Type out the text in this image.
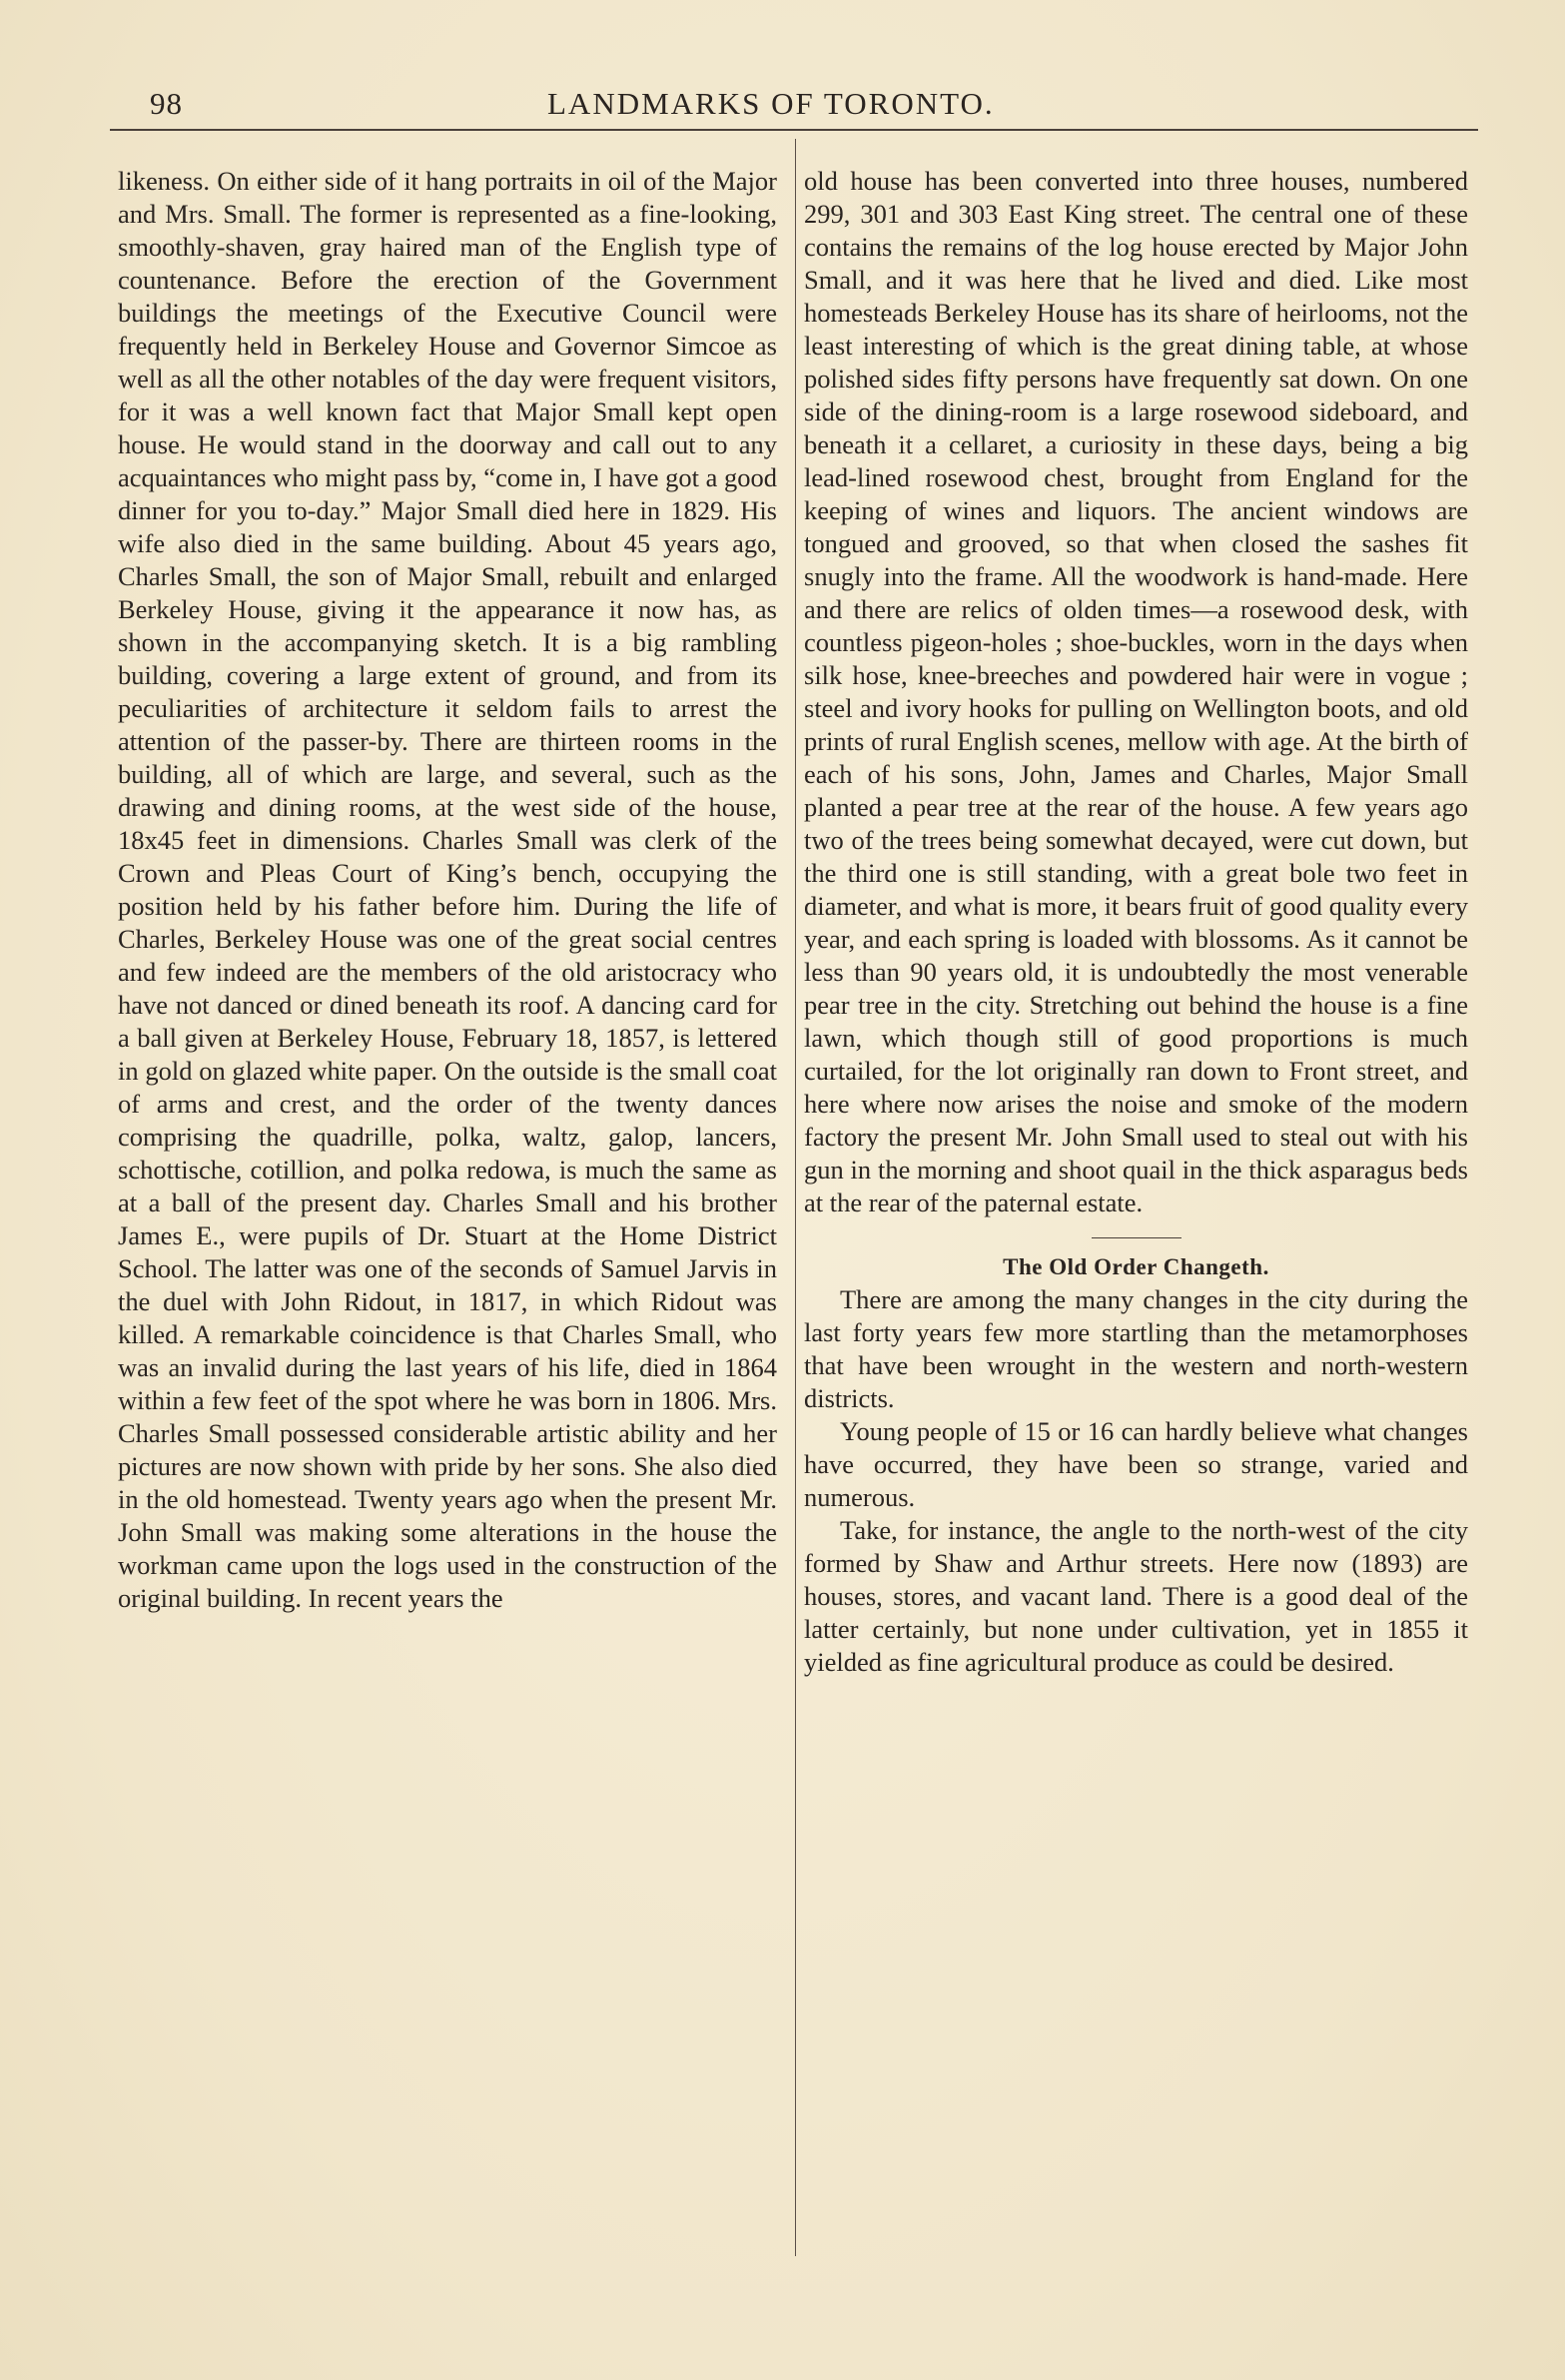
98	LANDMARKS OF TORONTO.

likeness. On either side of it hang portraits in oil of the Major and Mrs. Small. The former is represented as a fine-looking, smoothly-shaven, gray haired man of the English type of countenance. Before the erection of the Government buildings the meetings of the Executive Council were frequently held in Berkeley House and Governor Simcoe as well as all the other notables of the day were frequent visitors, for it was a well known fact that Major Small kept open house. He would stand in the doorway and call out to any acquaintances who might pass by, “come in, I have got a good dinner for you to-day.” Major Small died here in 1829. His wife also died in the same building. About 45 years ago, Charles Small, the son of Major Small, rebuilt and enlarged Berkeley House, giving it the appearance it now has, as shown in the accompanying sketch. It is a big rambling building, covering a large extent of ground, and from its peculiarities of architecture it seldom fails to arrest the attention of the passer-by. There are thirteen rooms in the building, all of which are large, and several, such as the drawing and dining rooms, at the west side of the house, 18x45 feet in dimensions. Charles Small was clerk of the Crown and Pleas Court of King’s bench, occupying the position held by his father before him. During the life of Charles, Berkeley House was one of the great social centres and few indeed are the members of the old aristocracy who have not danced or dined beneath its roof. A dancing card for a ball given at Berkeley House, February 18, 1857, is lettered in gold on glazed white paper. On the outside is the small coat of arms and crest, and the order of the twenty dances comprising the quadrille, polka, waltz, galop, lancers, schottische, cotillion, and polka redowa, is much the same as at a ball of the present day. Charles Small and his brother James E., were pupils of Dr. Stuart at the Home District School. The latter was one of the seconds of Samuel Jarvis in the duel with John Ridout, in 1817, in which Ridout was killed. A remarkable coincidence is that Charles Small, who was an invalid during the last years of his life, died in 1864 within a few feet of the spot where he was born in 1806. Mrs. Charles Small possessed considerable artistic ability and her pictures are now shown with pride by her sons. She also died in the old homestead. Twenty years ago when the present Mr. John Small was making some alterations in the house the workman came upon the logs used in the construction of the original building. In recent years the

old house has been converted into three houses, numbered 299, 301 and 303 East King street. The central one of these contains the remains of the log house erected by Major John Small, and it was here that he lived and died. Like most homesteads Berkeley House has its share of heirlooms, not the least interesting of which is the great dining table, at whose polished sides fifty persons have frequently sat down. On one side of the dining-room is a large rosewood sideboard, and beneath it a cellaret, a curiosity in these days, being a big lead-lined rosewood chest, brought from England for the keeping of wines and liquors. The ancient windows are tongued and grooved, so that when closed the sashes fit snugly into the frame. All the woodwork is hand-made. Here and there are relics of olden times—a rosewood desk, with countless pigeon-holes ; shoe-buckles, worn in the days when silk hose, knee-breeches and powdered hair were in vogue ; steel and ivory hooks for pulling on Wellington boots, and old prints of rural English scenes, mellow with age. At the birth of each of his sons, John, James and Charles, Major Small planted a pear tree at the rear of the house. A few years ago two of the trees being somewhat decayed, were cut down, but the third one is still standing, with a great bole two feet in diameter, and what is more, it bears fruit of good quality every year, and each spring is loaded with blossoms. As it cannot be less than 90 years old, it is undoubtedly the most venerable pear tree in the city. Stretching out behind the house is a fine lawn, which though still of good proportions is much curtailed, for the lot originally ran down to Front street, and here where now arises the noise and smoke of the modern factory the present Mr. John Small used to steal out with his gun in the morning and shoot quail in the thick asparagus beds at the rear of the paternal estate.

The Old Order Changeth.

There are among the many changes in the city during the last forty years few more startling than the metamorphoses that have been wrought in the western and north-western districts.

Young people of 15 or 16 can hardly believe what changes have occurred, they have been so strange, varied and numerous.

Take, for instance, the angle to the north-west of the city formed by Shaw and Arthur streets. Here now (1893) are houses, stores, and vacant land. There is a good deal of the latter certainly, but none under cultivation, yet in 1855 it yielded as fine agricultural produce as could be desired.
